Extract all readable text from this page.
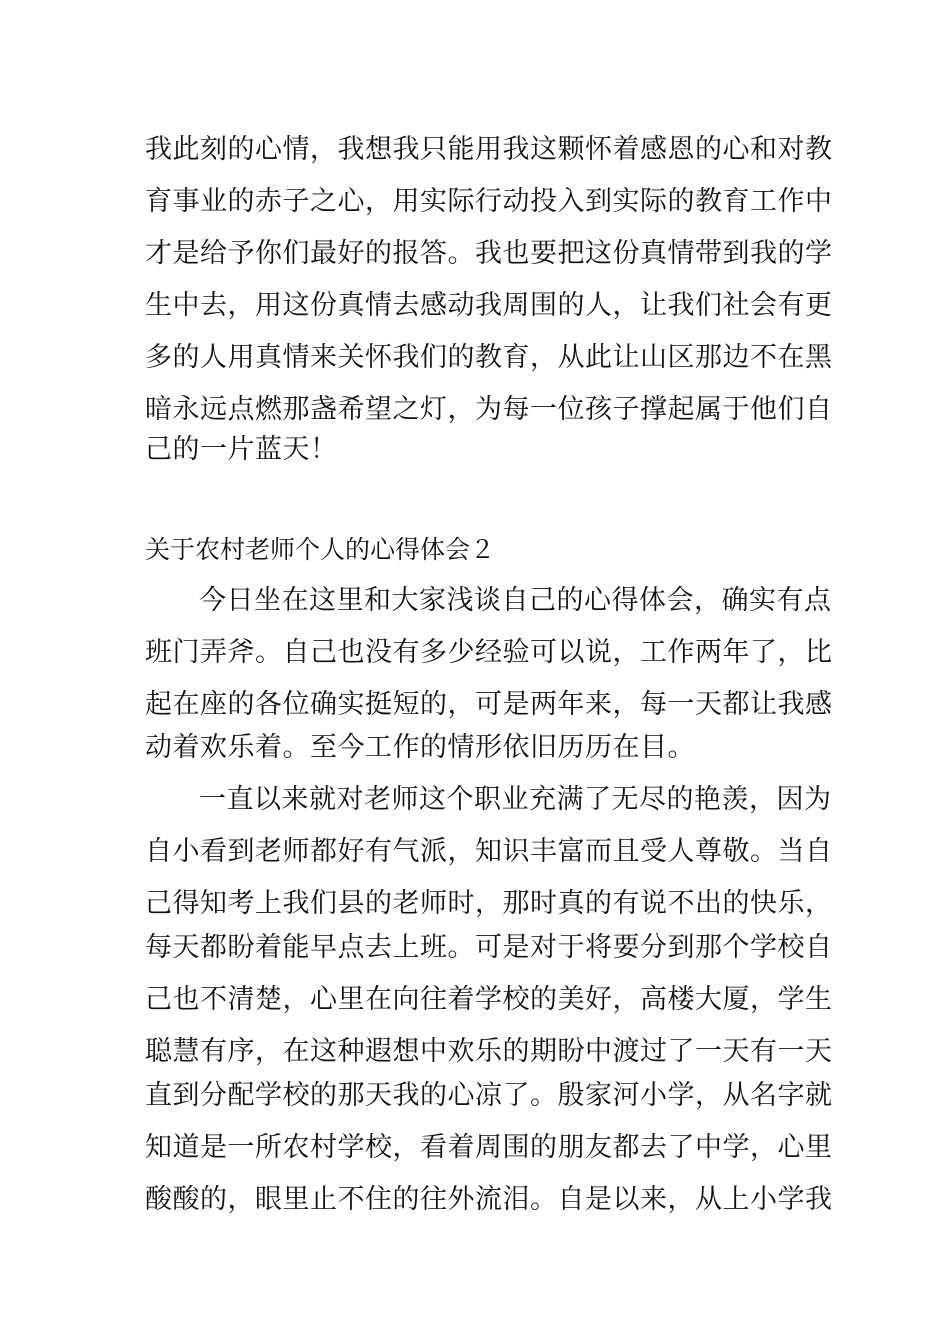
我此刻的心情，我想我只能用我这颗怀着感恩的心和对教
育事业的赤子之心，用实际行动投入到实际的教育工作中
才是给予你们最好的报答。我也要把这份真情带到我的学
生中去，用这份真情去感动我周围的人，让我们社会有更
多的人用真情来关怀我们的教育，从此让山区那边不在黑
暗永远点燃那盏希望之灯，为每一位孩子撑起属于他们自
己的一片蓝天！
关于农村老师个人的心得体会２
今日坐在这里和大家浅谈自己的心得体会，确实有点
班门弄斧。自己也没有多少经验可以说，工作两年了，比
起在座的各位确实挺短的，可是两年来，每一天都让我感
动着欢乐着。至今工作的情形依旧历历在目。
一直以来就对老师这个职业充满了无尽的艳羡，因为
自小看到老师都好有气派，知识丰富而且受人尊敬。当自
己得知考上我们县的老师时，那时真的有说不出的快乐，
每天都盼着能早点去上班。可是对于将要分到那个学校自
己也不清楚，心里在向往着学校的美好，高楼大厦，学生
聪慧有序，在这种遐想中欢乐的期盼中渡过了一天有一天
直到分配学校的那天我的心凉了。殷家河小学，从名字就
知道是一所农村学校，看着周围的朋友都去了中学，心里
酸酸的，眼里止不住的往外流泪。自是以来，从上小学我
